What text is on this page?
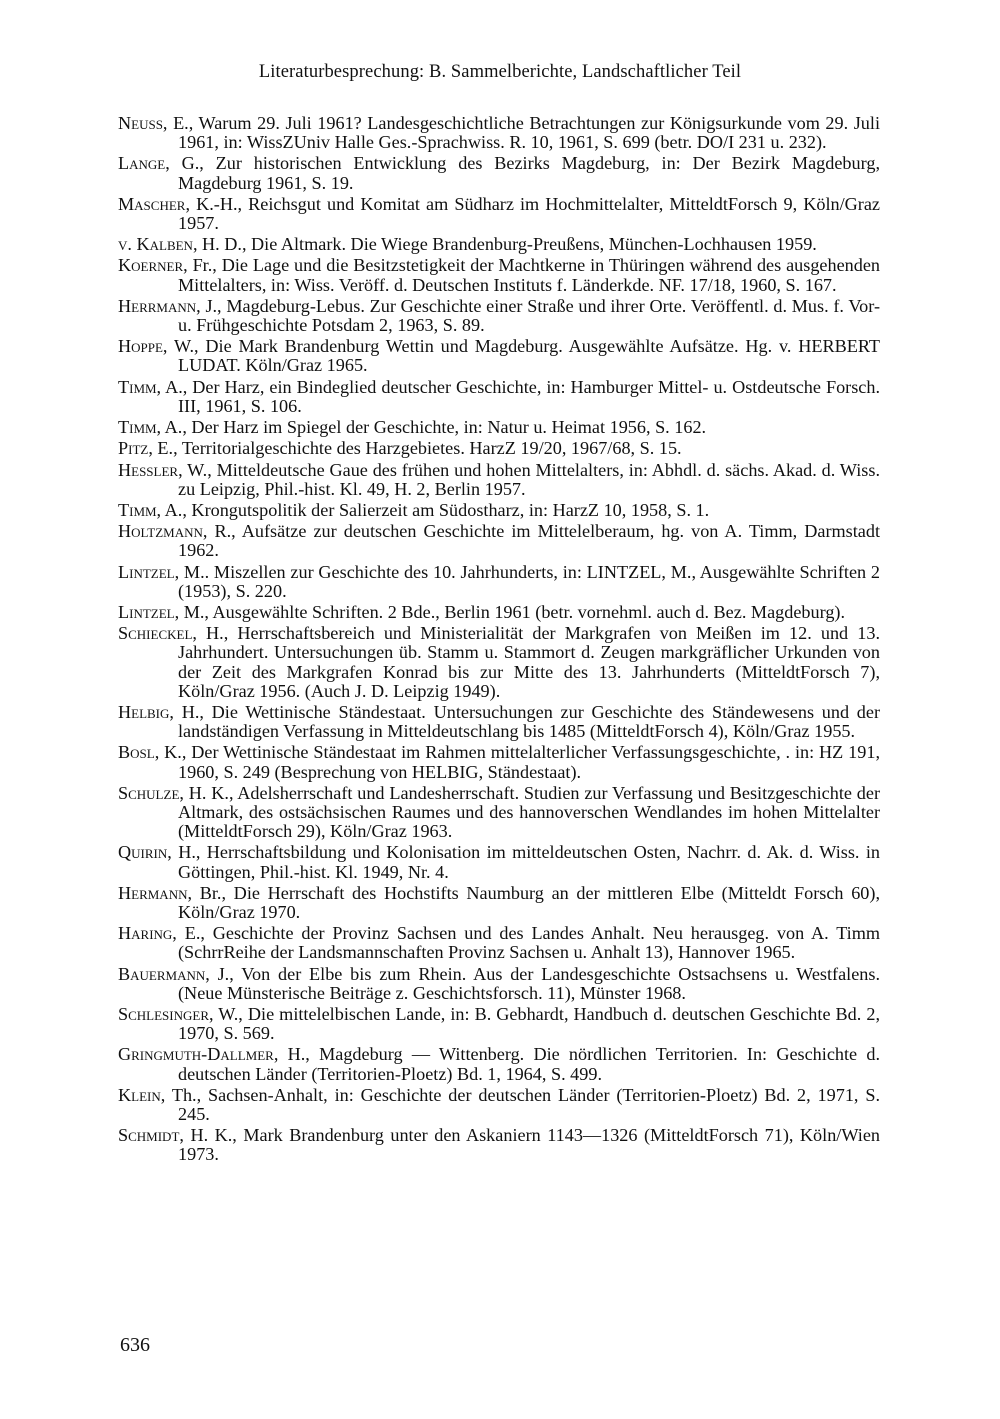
Literaturbesprechung: B. Sammelberichte, Landschaftlicher Teil

Neuss, E., Warum 29. Juli 1961? Landesgeschichtliche Betrachtungen zur Königsurkunde vom 29. Juli 1961, in: WissZUniv Halle Ges.-Sprachwiss. R. 10, 1961, S. 699 (betr. DO/I 231 u. 232).

Lange, G., Zur historischen Entwicklung des Bezirks Magdeburg, in: Der Bezirk Magdeburg, Magdeburg 1961, S. 19.

Mascher, K.-H., Reichsgut und Komitat am Südharz im Hochmittelalter, MitteldtForsch 9, Köln/Graz 1957.

v. Kalben, H. D., Die Altmark. Die Wiege Brandenburg-Preußens, München-Lochhausen 1959.

Koerner, Fr., Die Lage und die Besitzstetigkeit der Machtkerne in Thüringen während des ausgehenden Mittelalters, in: Wiss. Veröff. d. Deutschen Instituts f. Länderkde. NF. 17/18, 1960, S. 167.

Herrmann, J., Magdeburg-Lebus. Zur Geschichte einer Straße und ihrer Orte. Veröffentl. d. Mus. f. Vor- u. Frühgeschichte Potsdam 2, 1963, S. 89.

Hoppe, W., Die Mark Brandenburg Wettin und Magdeburg. Ausgewählte Aufsätze. Hg. v. HERBERT LUDAT. Köln/Graz 1965.

Timm, A., Der Harz, ein Bindeglied deutscher Geschichte, in: Hamburger Mittel- u. Ostdeutsche Forsch. III, 1961, S. 106.

Timm, A., Der Harz im Spiegel der Geschichte, in: Natur u. Heimat 1956, S. 162.

Pitz, E., Territorialgeschichte des Harzgebietes. HarzZ 19/20, 1967/68, S. 15.

Hessler, W., Mitteldeutsche Gaue des frühen und hohen Mittelalters, in: Abhdl. d. sächs. Akad. d. Wiss. zu Leipzig, Phil.-hist. Kl. 49, H. 2, Berlin 1957.

Timm, A., Krongutspolitik der Salierzeit am Südostharz, in: HarzZ 10, 1958, S. 1.

Holtzmann, R., Aufsätze zur deutschen Geschichte im Mittelelberaum, hg. von A. Timm, Darmstadt 1962.

Lintzel, M.. Miszellen zur Geschichte des 10. Jahrhunderts, in: LINTZEL, M., Ausgewählte Schriften 2 (1953), S. 220.

Lintzel, M., Ausgewählte Schriften. 2 Bde., Berlin 1961 (betr. vornehml. auch d. Bez. Magdeburg).

Schieckel, H., Herrschaftsbereich und Ministerialität der Markgrafen von Meißen im 12. und 13. Jahrhundert. Untersuchungen üb. Stamm u. Stammort d. Zeugen markgräflicher Urkunden von der Zeit des Markgrafen Konrad bis zur Mitte des 13. Jahrhunderts (MitteldtForsch 7), Köln/Graz 1956. (Auch J. D. Leipzig 1949).

Helbig, H., Die Wettinische Ständestaat. Untersuchungen zur Geschichte des Ständewesens und der landständigen Verfassung in Mitteldeutschlang bis 1485 (MitteldtForsch 4), Köln/Graz 1955.

Bosl, K., Der Wettinische Ständestaat im Rahmen mittelalterlicher Verfassungsgeschichte, . in: HZ 191, 1960, S. 249 (Besprechung von HELBIG, Ständestaat).

Schulze, H. K., Adelsherrschaft und Landesherrschaft. Studien zur Verfassung und Besitzgeschichte der Altmark, des ostsächsischen Raumes und des hannoverschen Wendlandes im hohen Mittelalter (MitteldtForsch 29), Köln/Graz 1963.

Quirin, H., Herrschaftsbildung und Kolonisation im mitteldeutschen Osten, Nachrr. d. Ak. d. Wiss. in Göttingen, Phil.-hist. Kl. 1949, Nr. 4.

Hermann, Br., Die Herrschaft des Hochstifts Naumburg an der mittleren Elbe (Mitteldt Forsch 60), Köln/Graz 1970.

Haring, E., Geschichte der Provinz Sachsen und des Landes Anhalt. Neu herausgeg. von A. Timm (SchrrReihe der Landsmannschaften Provinz Sachsen u. Anhalt 13), Hannover 1965.

Bauermann, J., Von der Elbe bis zum Rhein. Aus der Landesgeschichte Ostsachsens u. Westfalens. (Neue Münsterische Beiträge z. Geschichtsforsch. 11), Münster 1968.

Schlesinger, W., Die mittelelbischen Lande, in: B. Gebhardt, Handbuch d. deutschen Geschichte Bd. 2, 1970, S. 569.

Gringmuth-Dallmer, H., Magdeburg — Wittenberg. Die nördlichen Territorien. In: Geschichte d. deutschen Länder (Territorien-Ploetz) Bd. 1, 1964, S. 499.

Klein, Th., Sachsen-Anhalt, in: Geschichte der deutschen Länder (Territorien-Ploetz) Bd. 2, 1971, S. 245.

Schmidt, H. K., Mark Brandenburg unter den Askaniern 1143—1326 (MitteldtForsch 71), Köln/Wien 1973.

636
